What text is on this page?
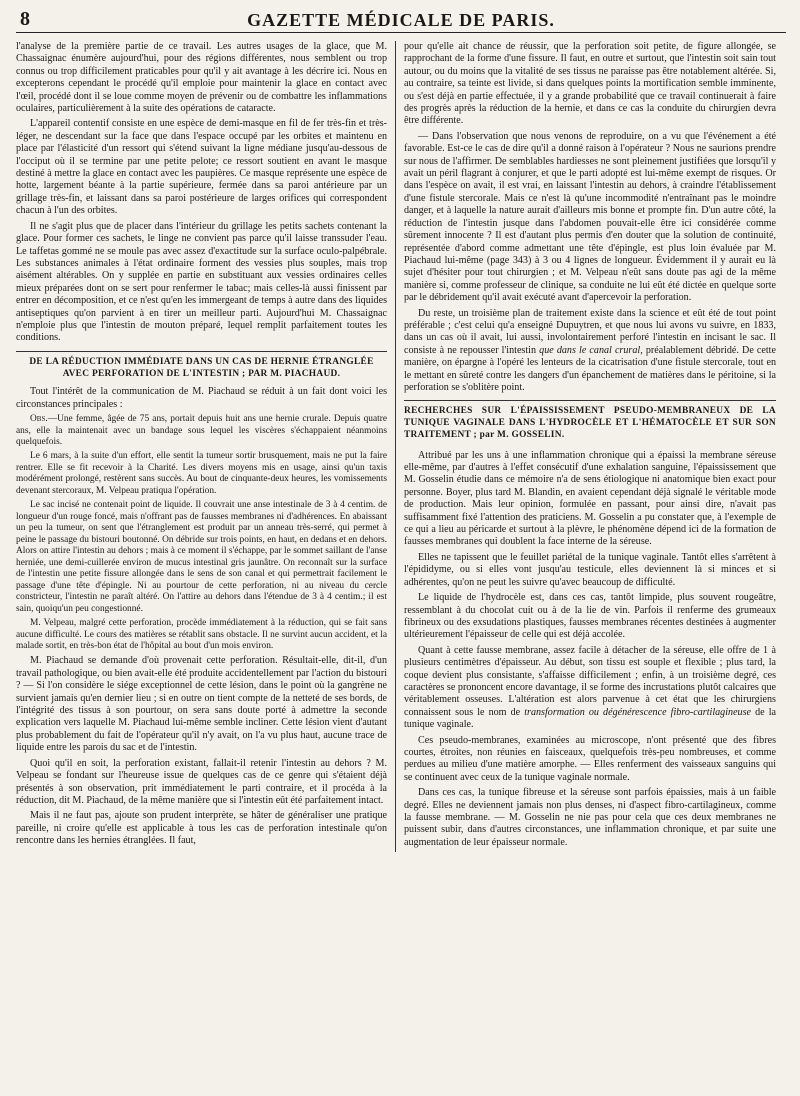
8	GAZETTE MÉDICALE DE PARIS.

l'analyse de la première partie de ce travail. Les autres usages de la glace, que M. Chassaignac énumère aujourd'hui, pour des régions différentes, nous semblent ou trop connus ou trop difficilement praticables pour qu'il y ait avantage à les décrire ici. Nous en excepterons cependant le procédé qu'il emploie pour maintenir la glace en contact avec l'œil, procédé dont il se loue comme moyen de prévenir ou de combattre les inflammations oculaires, particulièrement à la suite des opérations de cataracte.

L'appareil contentif consiste en une espèce de demi-masque en fil de fer très-fin et très-léger, ne descendant sur la face que dans l'espace occupé par les orbites et maintenu en place par l'élasticité d'un ressort qui s'étend suivant la ligne médiane jusqu'au-dessous de l'occiput où il se termine par une petite pelote; ce ressort soutient en avant le masque destiné à mettre la glace en contact avec les paupières. Ce masque représente une espèce de hotte, largement béante à la partie supérieure, fermée dans sa paroi antérieure par un grillage très-fin, et laissant dans sa paroi postérieure de larges orifices qui correspondent chacun à l'un des orbites.

Il ne s'agit plus que de placer dans l'intérieur du grillage les petits sachets contenant la glace. Pour former ces sachets, le linge ne convient pas parce qu'il laisse transsuder l'eau. Le taffetas gommé ne se moule pas avec assez d'exactitude sur la surface oculo-palpébrale. Les substances animales à l'état ordinaire forment des vessies plus souples, mais trop aisément altérables. On y supplée en partie en substituant aux vessies ordinaires celles mieux préparées dont on se sert pour renfermer le tabac; mais celles-là aussi finissent par entrer en décomposition, et ce n'est qu'en les immergeant de temps à autre dans des liquides antiseptiques qu'on parvient à en tirer un meilleur parti. Aujourd'hui M. Chassaignac n'emploie plus que l'intestin de mouton préparé, lequel remplit parfaitement toutes les conditions.

DE LA RÉDUCTION IMMÉDIATE DANS UN CAS DE HERNIE ÉTRANGLÉE AVEC PERFORATION DE L'INTESTIN ; PAR M. PIACHAUD.

Tout l'intérêt de la communication de M. Piachaud se réduit à un fait dont voici les circonstances principales :

Obs.—Une femme, âgée de 75 ans, portait depuis huit ans une hernie crurale. Depuis quatre ans, elle la maintenait avec un bandage sous lequel les viscères s'échappaient néanmoins quelquefois.

Le 6 mars, à la suite d'un effort, elle sentit la tumeur sortir brusquement, mais ne put la faire rentrer. Elle se fit recevoir à la Charité. Les divers moyens mis en usage, ainsi qu'un taxis modérément prolongé, restèrent sans succès. Au bout de cinquante-deux heures, les vomissements devenant stercoraux, M. Velpeau pratiqua l'opération.

Le sac incisé ne contenait point de liquide. Il couvrait une anse intestinale de 3 à 4 centim. de longueur d'un rouge foncé, mais n'offrant pas de fausses membranes ni d'adhérences. En abaissant un peu la tumeur, on sent que l'étranglement est produit par un anneau très-serré, qui permet à peine le passage du bistouri boutonné. On débride sur trois points, en haut, en dedans et en dehors. Alors on attire l'intestin au dehors ; mais à ce moment il s'échappe, par le sommet saillant de l'anse herniée, une demi-cuillerée environ de mucus intestinal gris jaunâtre. On reconnaît sur la surface de l'intestin une petite fissure allongée dans le sens de son canal et qui permettrait facilement le passage d'une tête d'épingle. Ni au pourtour de cette perforation, ni au niveau du cercle constricteur, l'intestin ne paraît altéré. On l'attire au dehors dans l'étendue de 3 à 4 centim.; il est sain, quoiqu'un peu congestionné.

M. Velpeau, malgré cette perforation, procède immédiatement à la réduction, qui se fait sans aucune difficulté. Le cours des matières se rétablit sans obstacle. Il ne survint aucun accident, et la malade sortit, en très-bon état de l'hôpital au bout d'un mois environ.

M. Piachaud se demande d'où provenait cette perforation. Résultait-elle, dit-il, d'un travail pathologique, ou bien avait-elle été produite accidentellement par l'action du bistouri ? — Si l'on considère le siége exceptionnel de cette lésion, dans le point où la gangrène ne survient jamais qu'en dernier lieu ; si en outre on tient compte de la netteté de ses bords, de l'intégrité des tissus à son pourtour, on sera sans doute porté à admettre la seconde explication vers laquelle M. Piachaud lui-même semble incliner. Cette lésion vient d'autant plus probablement du fait de l'opérateur qu'il n'y avait, on l'a vu plus haut, aucune trace de liquide entre les parois du sac et de l'intestin.

Quoi qu'il en soit, la perforation existant, fallait-il retenir l'intestin au dehors ? M. Velpeau se fondant sur l'heureuse issue de quelques cas de ce genre qui s'étaient déjà présentés à son observation, prit immédiatement le parti contraire, et il procéda à la réduction, dit M. Piachaud, de la même manière que si l'intestin eût été parfaitement intact.

Mais il ne faut pas, ajoute son prudent interprète, se hâter de généraliser une pratique pareille, ni croire qu'elle est applicable à tous les cas de perforation intestinale qu'on rencontre dans les hernies étranglées. Il faut,

pour qu'elle ait chance de réussir, que la perforation soit petite, de figure allongée, se rapprochant de la forme d'une fissure. Il faut, en outre et surtout, que l'intestin soit sain tout autour, ou du moins que la vitalité de ses tissus ne paraisse pas être notablement altérée. Si, au contraire, sa teinte est livide, si dans quelques points la mortification semble imminente, ou s'est déjà en partie effectuée, il y a grande probabilité que ce travail continuerait à faire des progrès après la réduction de la hernie, et dans ce cas la conduite du chirurgien devra être différente.

— Dans l'observation que nous venons de reproduire, on a vu que l'événement a été favorable. Est-ce le cas de dire qu'il a donné raison à l'opérateur ? Nous ne saurions prendre sur nous de l'affirmer. De semblables hardiesses ne sont pleinement justifiées que lorsqu'il y avait un péril flagrant à conjurer, et que le parti adopté est lui-même exempt de risques. Or dans l'espèce on avait, il est vrai, en laissant l'intestin au dehors, à craindre l'établissement d'une fistule stercorale. Mais ce n'est là qu'une incommodité n'entraînant pas le moindre danger, et à laquelle la nature aurait d'ailleurs mis bonne et prompte fin. D'un autre côté, la réduction de l'intestin jusque dans l'abdomen pouvait-elle être ici considérée comme sûrement innocente ? Il est d'autant plus permis d'en douter que la solution de continuité, représentée d'abord comme admettant une tête d'épingle, est plus loin évaluée par M. Piachaud lui-même (page 343) à 3 ou 4 lignes de longueur. Évidemment il y aurait eu là sujet d'hésiter pour tout chirurgien ; et M. Velpeau n'eût sans doute pas agi de la même manière si, comme professeur de clinique, sa conduite ne lui eût été dictée en quelque sorte par le débridement qu'il avait exécuté avant d'apercevoir la perforation.

Du reste, un troisième plan de traitement existe dans la science et eût été de tout point préférable ; c'est celui qu'a enseigné Dupuytren, et que nous lui avons vu suivre, en 1833, dans un cas où il avait, lui aussi, involontairement perforé l'intestin en incisant le sac. Il consiste à ne repousser l'intestin que dans le canal crural, préalablement débridé. De cette manière, on épargne à l'opéré les lenteurs de la cicatrisation d'une fistule stercorale, tout en le mettant en sûreté contre les dangers d'un épanchement de matières dans le péritoine, si la perforation se s'oblitère point.

RECHERCHES SUR L'ÉPAISSISSEMENT PSEUDO-MEMBRANEUX DE LA TUNIQUE VAGINALE DANS L'HYDROCÈLE ET L'HÉMATOCÈLE ET SUR SON TRAITEMENT ; par M. GOSSELIN.

Attribué par les uns à une inflammation chronique qui a épaissi la membrane séreuse elle-même, par d'autres à l'effet consécutif d'une exhalation sanguine, l'épaississement que M. Gosselin étudie dans ce mémoire n'a de sens étiologique ni anatomique bien exact pour personne. Boyer, plus tard M. Blandin, en avaient cependant déjà signalé le véritable mode de production. Mais leur opinion, formulée en passant, pour ainsi dire, n'avait pas suffisamment fixé l'attention des praticiens. M. Gosselin a pu constater que, à l'exemple de ce qui a lieu au péricarde et surtout à la plèvre, le phénomène dépend ici de la formation de fausses membranes qui doublent la face interne de la séreuse.

Elles ne tapissent que le feuillet pariétal de la tunique vaginale. Tantôt elles s'arrêtent à l'épididyme, ou si elles vont jusqu'au testicule, elles deviennent là si minces et si adhérentes, qu'on ne peut les suivre qu'avec beaucoup de difficulté.

Le liquide de l'hydrocèle est, dans ces cas, tantôt limpide, plus souvent rougeâtre, ressemblant à du chocolat cuit ou à de la lie de vin. Parfois il renferme des grumeaux fibrineux ou des exsudations plastiques, fausses membranes récentes destinées à augmenter ultérieurement l'épaisseur de celle qui est déjà accolée.

Quant à cette fausse membrane, assez facile à détacher de la séreuse, elle offre de 1 à plusieurs centimètres d'épaisseur. Au début, son tissu est souple et flexible ; plus tard, la coque devient plus consistante, s'affaisse difficilement ; enfin, à un troisième degré, ces caractères se prononcent encore davantage, il se forme des incrustations plutôt calcaires que véritablement osseuses. L'altération est alors parvenue à cet état que les chirurgiens connaissent sous le nom de transformation ou dégénérescence fibro-cartilagineuse de la tunique vaginale.

Ces pseudo-membranes, examinées au microscope, n'ont présenté que des fibres courtes, étroites, non réunies en faisceaux, quelquefois très-peu nombreuses, et comme perdues au milieu d'une matière amorphe. — Elles renferment des vaisseaux sanguins qui se continuent avec ceux de la tunique vaginale normale.

Dans ces cas, la tunique fibreuse et la séreuse sont parfois épaissies, mais à un faible degré. Elles ne deviennent jamais non plus denses, ni d'aspect fibro-cartilagineux, comme la fausse membrane. — M. Gosselin ne nie pas pour cela que ces deux membranes ne puissent subir, dans d'autres circonstances, une inflammation chronique, et par suite une augmentation de leur épaisseur normale.
